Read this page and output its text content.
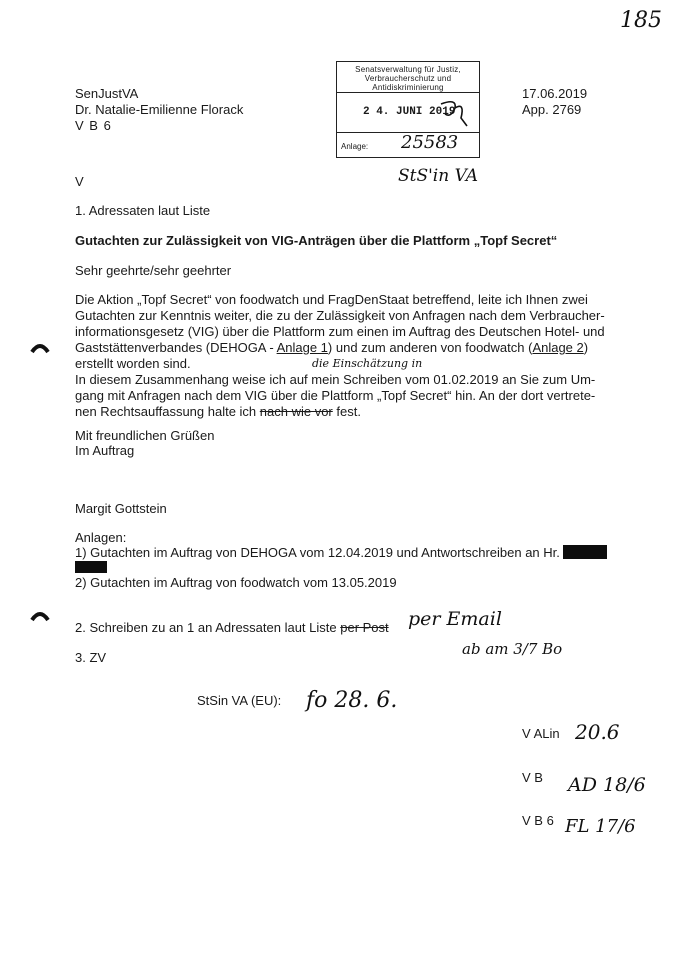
185
SenJustVA
Dr. Natalie-Emilienne Florack
V B 6
17.06.2019
App. 2769
Senatsverwaltung für Justiz,
Verbraucherschutz und
Antidiskriminierung
2 4. JUNI 2019
Anlage: 25583
StS'in VA
V
1. Adressaten laut Liste
Gutachten zur Zulässigkeit von VIG-Anträgen über die Plattform „Topf Secret“
Sehr geehrte/sehr geehrter
Die Aktion „Topf Secret“ von foodwatch und FragDenStaat betreffend, leite ich Ihnen zwei
Gutachten zur Kenntnis weiter, die zu der Zulässigkeit von Anfragen nach dem Verbraucher-
informationsgesetz (VIG) über die Plattform zum einen im Auftrag des Deutschen Hotel- und
Gaststättenverbandes (DEHOGA - Anlage 1) und zum anderen von foodwatch (Anlage 2)
erstellt worden sind.	die Einschätzung in
In diesem Zusammenhang weise ich auf mein Schreiben vom 01.02.2019 an Sie zum Um-
gang mit Anfragen nach dem VIG über die Plattform „Topf Secret“ hin. An der dort vertrete-
nen Rechtsauffassung halte ich nach wie vor fest.
Mit freundlichen Grüßen
Im Auftrag
Margit Gottstein
Anlagen:
1) Gutachten im Auftrag von DEHOGA vom 12.04.2019 und Antwortschreiben an Hr.
2) Gutachten im Auftrag von foodwatch vom 13.05.2019
2. Schreiben zu an 1 an Adressaten laut Liste per Post per Email
ab am 3/7 Bo
3. ZV
StSin VA (EU): fo 28. 6.
V ALin 20.6
V B AD 18/6
V B 6 FL 17/6
